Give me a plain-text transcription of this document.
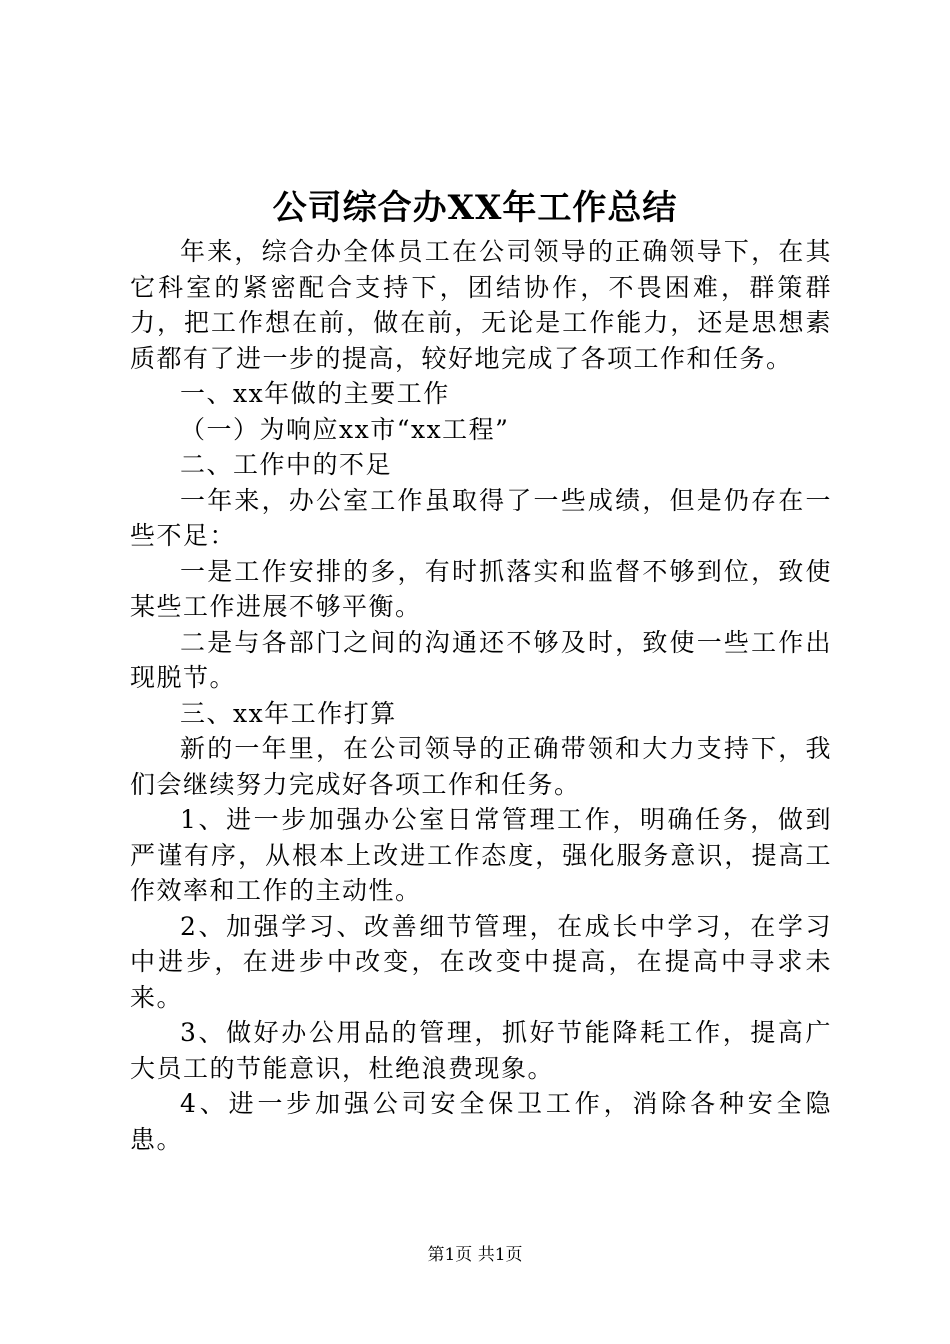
公司综合办XX年工作总结

年来，综合办全体员工在公司领导的正确领导下，在其它科室的紧密配合支持下，团结协作，不畏困难，群策群力，把工作想在前，做在前，无论是工作能力，还是思想素质都有了进一步的提高，较好地完成了各项工作和任务。

一、xx年做的主要工作

（一）为响应xx市“xx工程”

二、工作中的不足

一年来，办公室工作虽取得了一些成绩，但是仍存在一些不足：

一是工作安排的多，有时抓落实和监督不够到位，致使某些工作进展不够平衡。

二是与各部门之间的沟通还不够及时，致使一些工作出现脱节。

三、xx年工作打算

新的一年里，在公司领导的正确带领和大力支持下，我们会继续努力完成好各项工作和任务。

1、进一步加强办公室日常管理工作，明确任务，做到严谨有序，从根本上改进工作态度，强化服务意识，提高工作效率和工作的主动性。

2、加强学习、改善细节管理，在成长中学习，在学习中进步，在进步中改变，在改变中提高，在提高中寻求未来。

3、做好办公用品的管理，抓好节能降耗工作，提高广大员工的节能意识，杜绝浪费现象。

4、进一步加强公司安全保卫工作，消除各种安全隐患。

第1页 共1页
